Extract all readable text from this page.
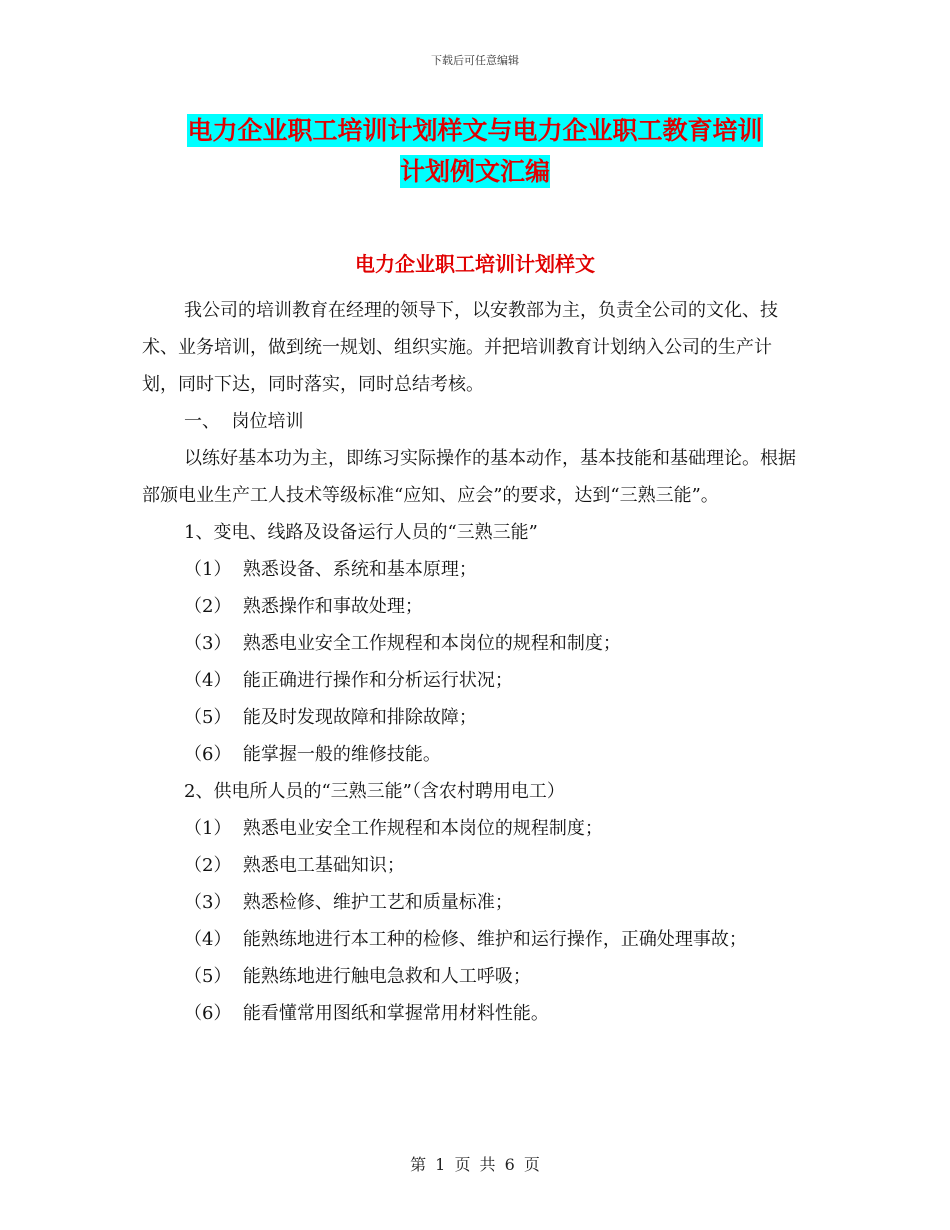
下载后可任意编辑
电力企业职工培训计划样文与电力企业职工教育培训
计划例文汇编
电力企业职工培训计划样文

我公司的培训教育在经理的领导下，以安教部为主，负责全公司的文化、技术、业务培训，做到统一规划、组织实施。并把培训教育计划纳入公司的生产计划，同时下达，同时落实，同时总结考核。

一、  岗位培训

以练好基本功为主，即练习实际操作的基本动作，基本技能和基础理论。根据部颁电业生产工人技术等级标准“应知、应会”的要求，达到“三熟三能”。

1、变电、线路及设备运行人员的“三熟三能”

（1）  熟悉设备、系统和基本原理；

（2）  熟悉操作和事故处理；

（3）  熟悉电业安全工作规程和本岗位的规程和制度；

（4）  能正确进行操作和分析运行状况；

（5）  能及时发现故障和排除故障；

（6）  能掌握一般的维修技能。

2、供电所人员的“三熟三能”（含农村聘用电工）

（1）  熟悉电业安全工作规程和本岗位的规程制度；

（2）  熟悉电工基础知识；

（3）  熟悉检修、维护工艺和质量标准；

（4）  能熟练地进行本工种的检修、维护和运行操作，正确处理事故；

（5）  能熟练地进行触电急救和人工呼吸；

（6）  能看懂常用图纸和掌握常用材料性能。

第 1 页 共 6 页
